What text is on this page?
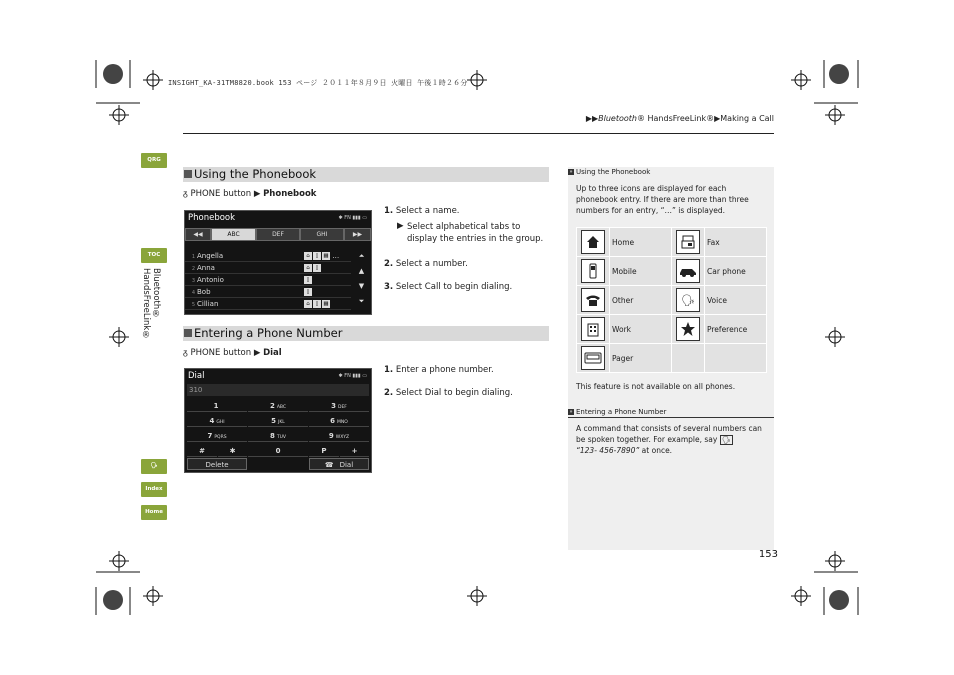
INSIGHT_KA-31TM8820.book 153 ページ ２０１１年８月９日 火曜日 午後１時２６分
▶▶Bluetooth® HandsFreeLink®▶Making a Call
QRG
TOC
Bluetooth® HandsFreeLink®
🗣
Index
Home
Using the Phonebook
ᵹ PHONE button ▶ Phonebook
Phonebook	✱ FN ▮▮▮ ▭
◀◀	ABC	DEF	GHI	▶▶
1 Angella	⌂ ▯ ▦ …
2 Anna	⌂ ▯
3 Antonio	▯
4 Bob	▯
5 Cillian	⌂ ▯ ▦
⏶
▲
▼
⏷
1. Select a name.
▶ Select alphabetical tabs to display the entries in the group.
2. Select a number.
3. Select Call to begin dialing.
Entering a Phone Number
ᵹ PHONE button ▶ Dial
Dial	✱ FN ▮▮▮ ▭
310
1	2 ABC	3 DEF
4 GHI	5 JKL	6 MNO
7 PQRS	8 TUV	9 WXYZ
#	✱	0	P	+
Delete	☎ Dial
1. Enter a phone number.
2. Select Dial to begin dialing.
» Using the Phonebook
Up to three icons are displayed for each phonebook entry. If there are more than three numbers for an entry, “…” is displayed.
	Home		Fax

	Mobile		Car phone

	Other	🗣	Voice

	Work		Preference

	Pager		
This feature is not available on all phones.
» Entering a Phone Number
A command that consists of several numbers can be spoken together. For example, say 🗣
“123- 456-7890” at once.
153
